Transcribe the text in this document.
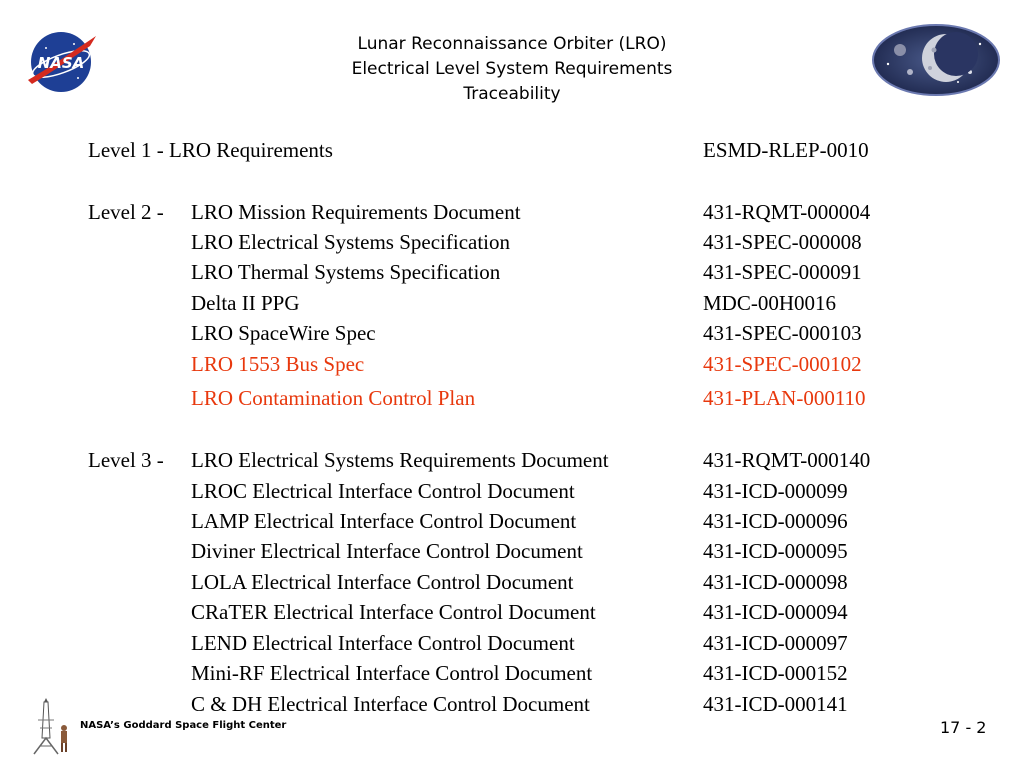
NASA
Lunar Reconnaissance Orbiter (LRO)
Electrical Level System Requirements
Traceability
Level 1 - LRO Requirements	ESMD-RLEP-0010
Level 2 - LRO Mission Requirements Document	431-RQMT-000004
LRO Electrical Systems Specification	431-SPEC-000008
LRO Thermal Systems Specification	431-SPEC-000091
Delta II PPG	MDC-00H0016
LRO SpaceWire Spec	431-SPEC-000103
LRO 1553 Bus Spec	431-SPEC-000102
LRO Contamination Control Plan	431-PLAN-000110
Level 3 - LRO Electrical Systems Requirements Document	431-RQMT-000140
LROC Electrical Interface Control Document	431-ICD-000099
LAMP Electrical Interface Control Document	431-ICD-000096
Diviner Electrical Interface Control Document	431-ICD-000095
LOLA Electrical Interface Control Document	431-ICD-000098
CRaTER Electrical Interface Control Document	431-ICD-000094
LEND Electrical Interface Control Document	431-ICD-000097
Mini-RF Electrical Interface Control Document	431-ICD-000152
C & DH Electrical Interface Control Document	431-ICD-000141
NASA’s Goddard Space Flight Center	17 - 2
